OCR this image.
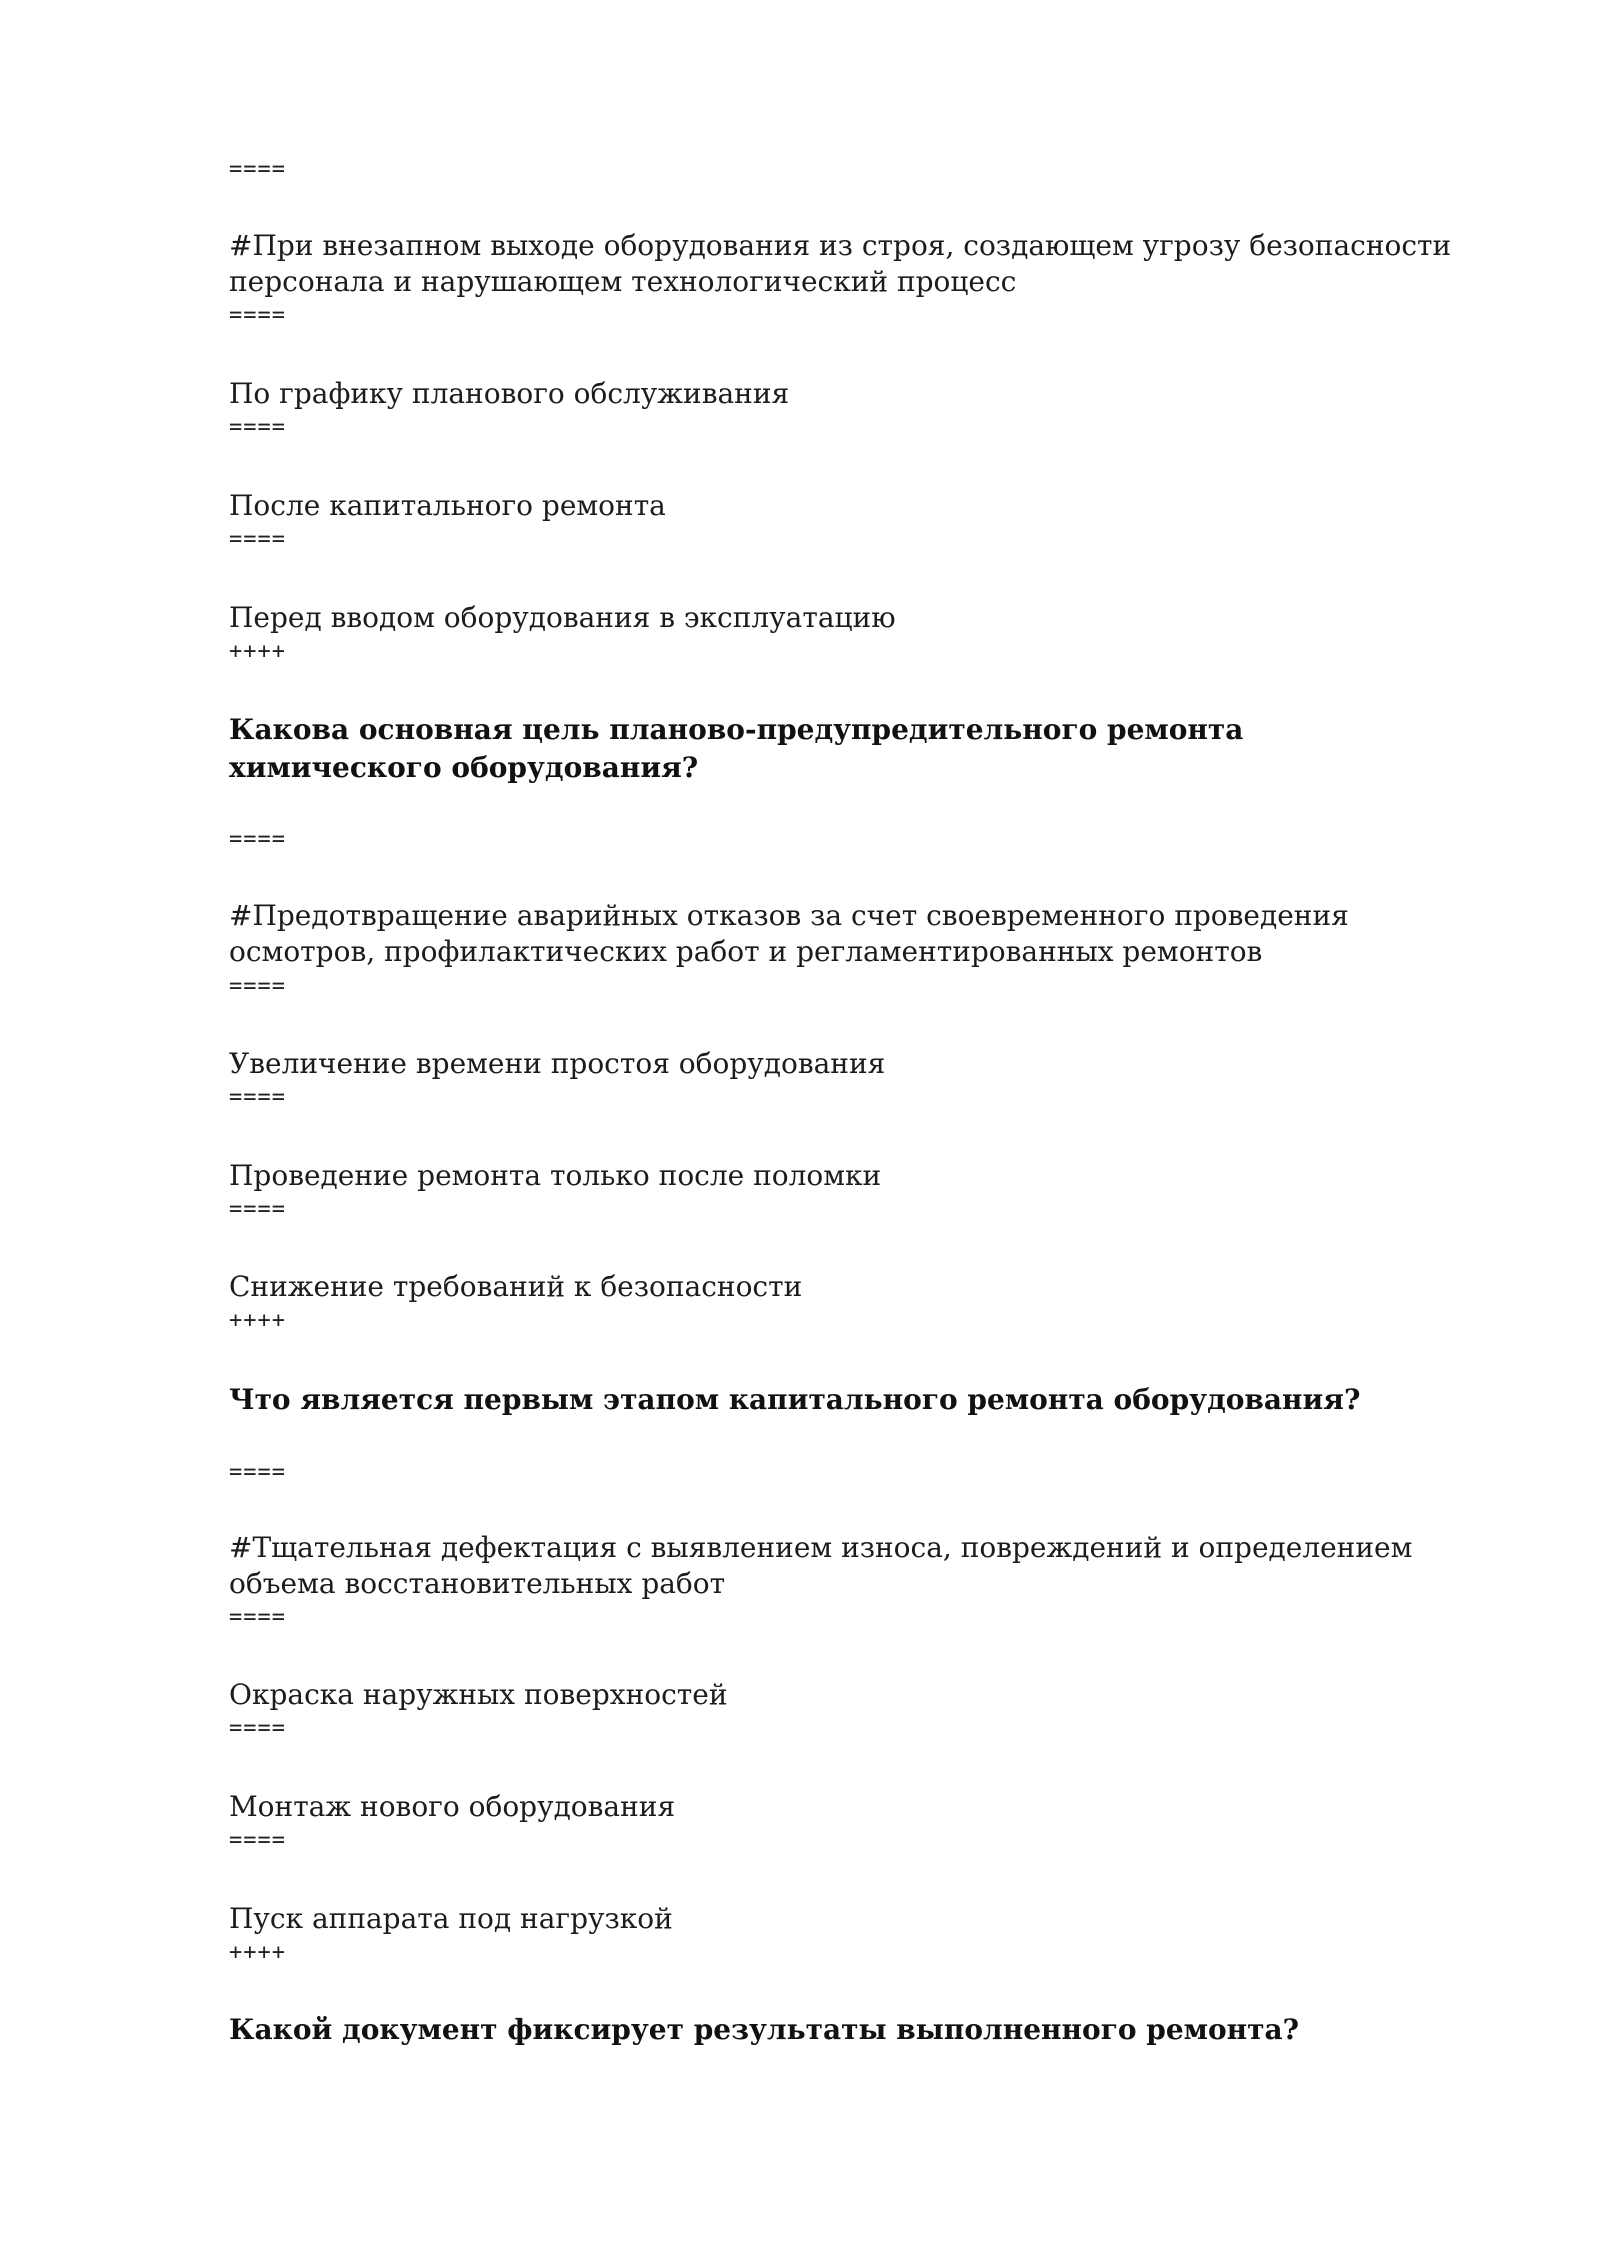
====
#При внезапном выходе оборудования из строя, создающем угрозу безопасности персонала и нарушающем технологический процесс
====
По графику планового обслуживания
====
После капитального ремонта
====
Перед вводом оборудования в эксплуатацию
++++
Какова основная цель планово-предупредительного ремонта химического оборудования?
====
#Предотвращение аварийных отказов за счет своевременного проведения осмотров, профилактических работ и регламентированных ремонтов
====
Увеличение времени простоя оборудования
====
Проведение ремонта только после поломки
====
Снижение требований к безопасности
++++
Что является первым этапом капитального ремонта оборудования?
====
#Тщательная дефектация с выявлением износа, повреждений и определением объема восстановительных работ
====
Окраска наружных поверхностей
====
Монтаж нового оборудования
====
Пуск аппарата под нагрузкой
++++
Какой документ фиксирует результаты выполненного ремонта?
